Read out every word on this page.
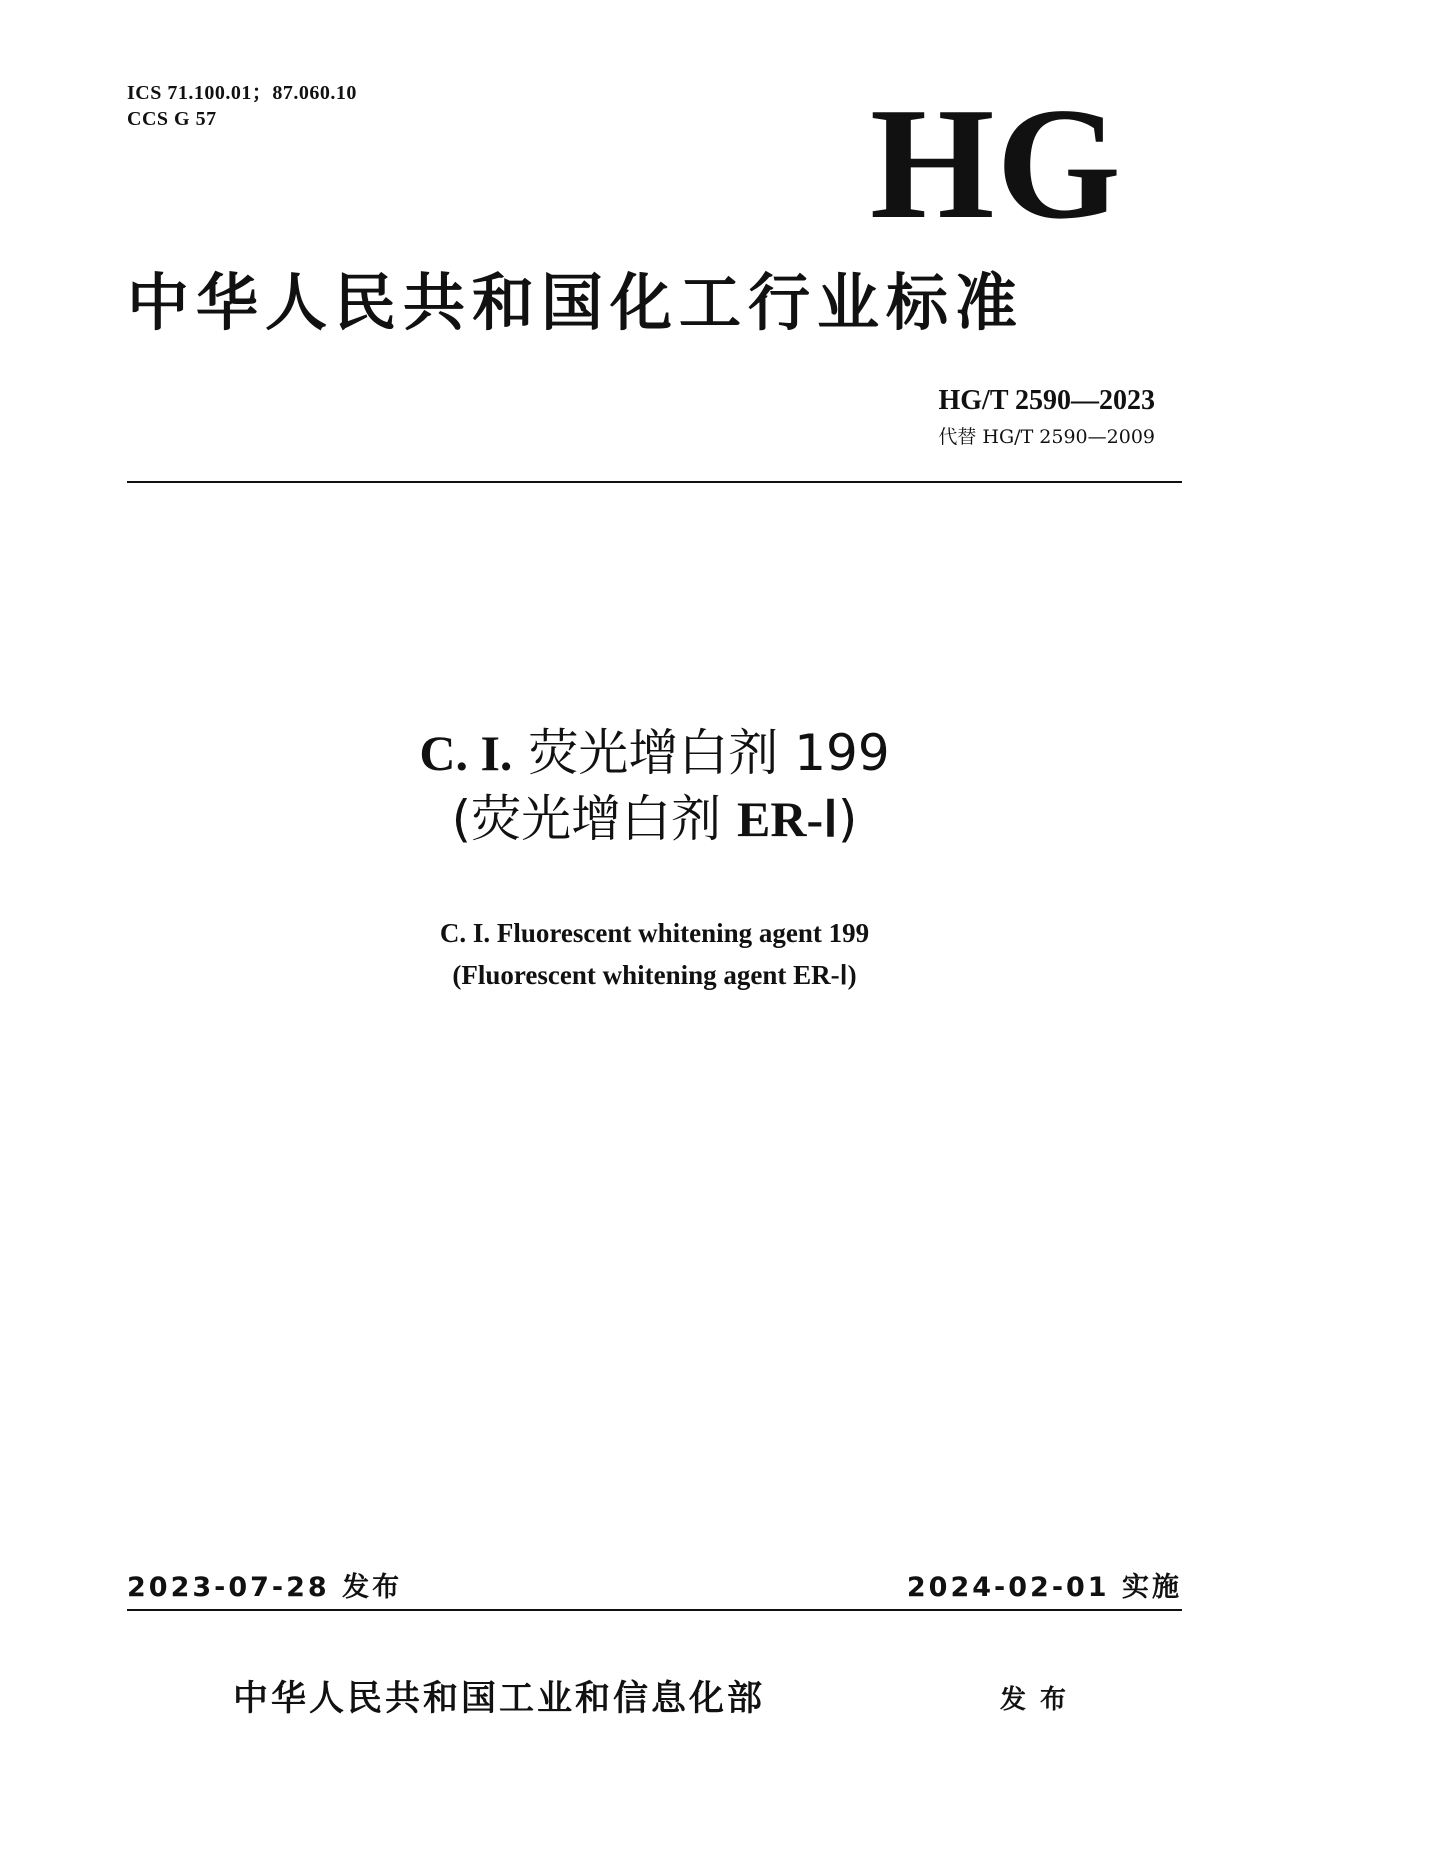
ICS 71.100.01；87.060.10
CCS G 57	HG
中华人民共和国化工行业标准
HG/T 2590—2023
代替 HG/T 2590—2009
C. I. 荧光增白剂 199
(荧光增白剂 ER-Ⅰ)
C. I. Fluorescent whitening agent 199
(Fluorescent whitening agent ER-Ⅰ)
2023-07-28 发布	2024-02-01 实施
中华人民共和国工业和信息化部	发布
